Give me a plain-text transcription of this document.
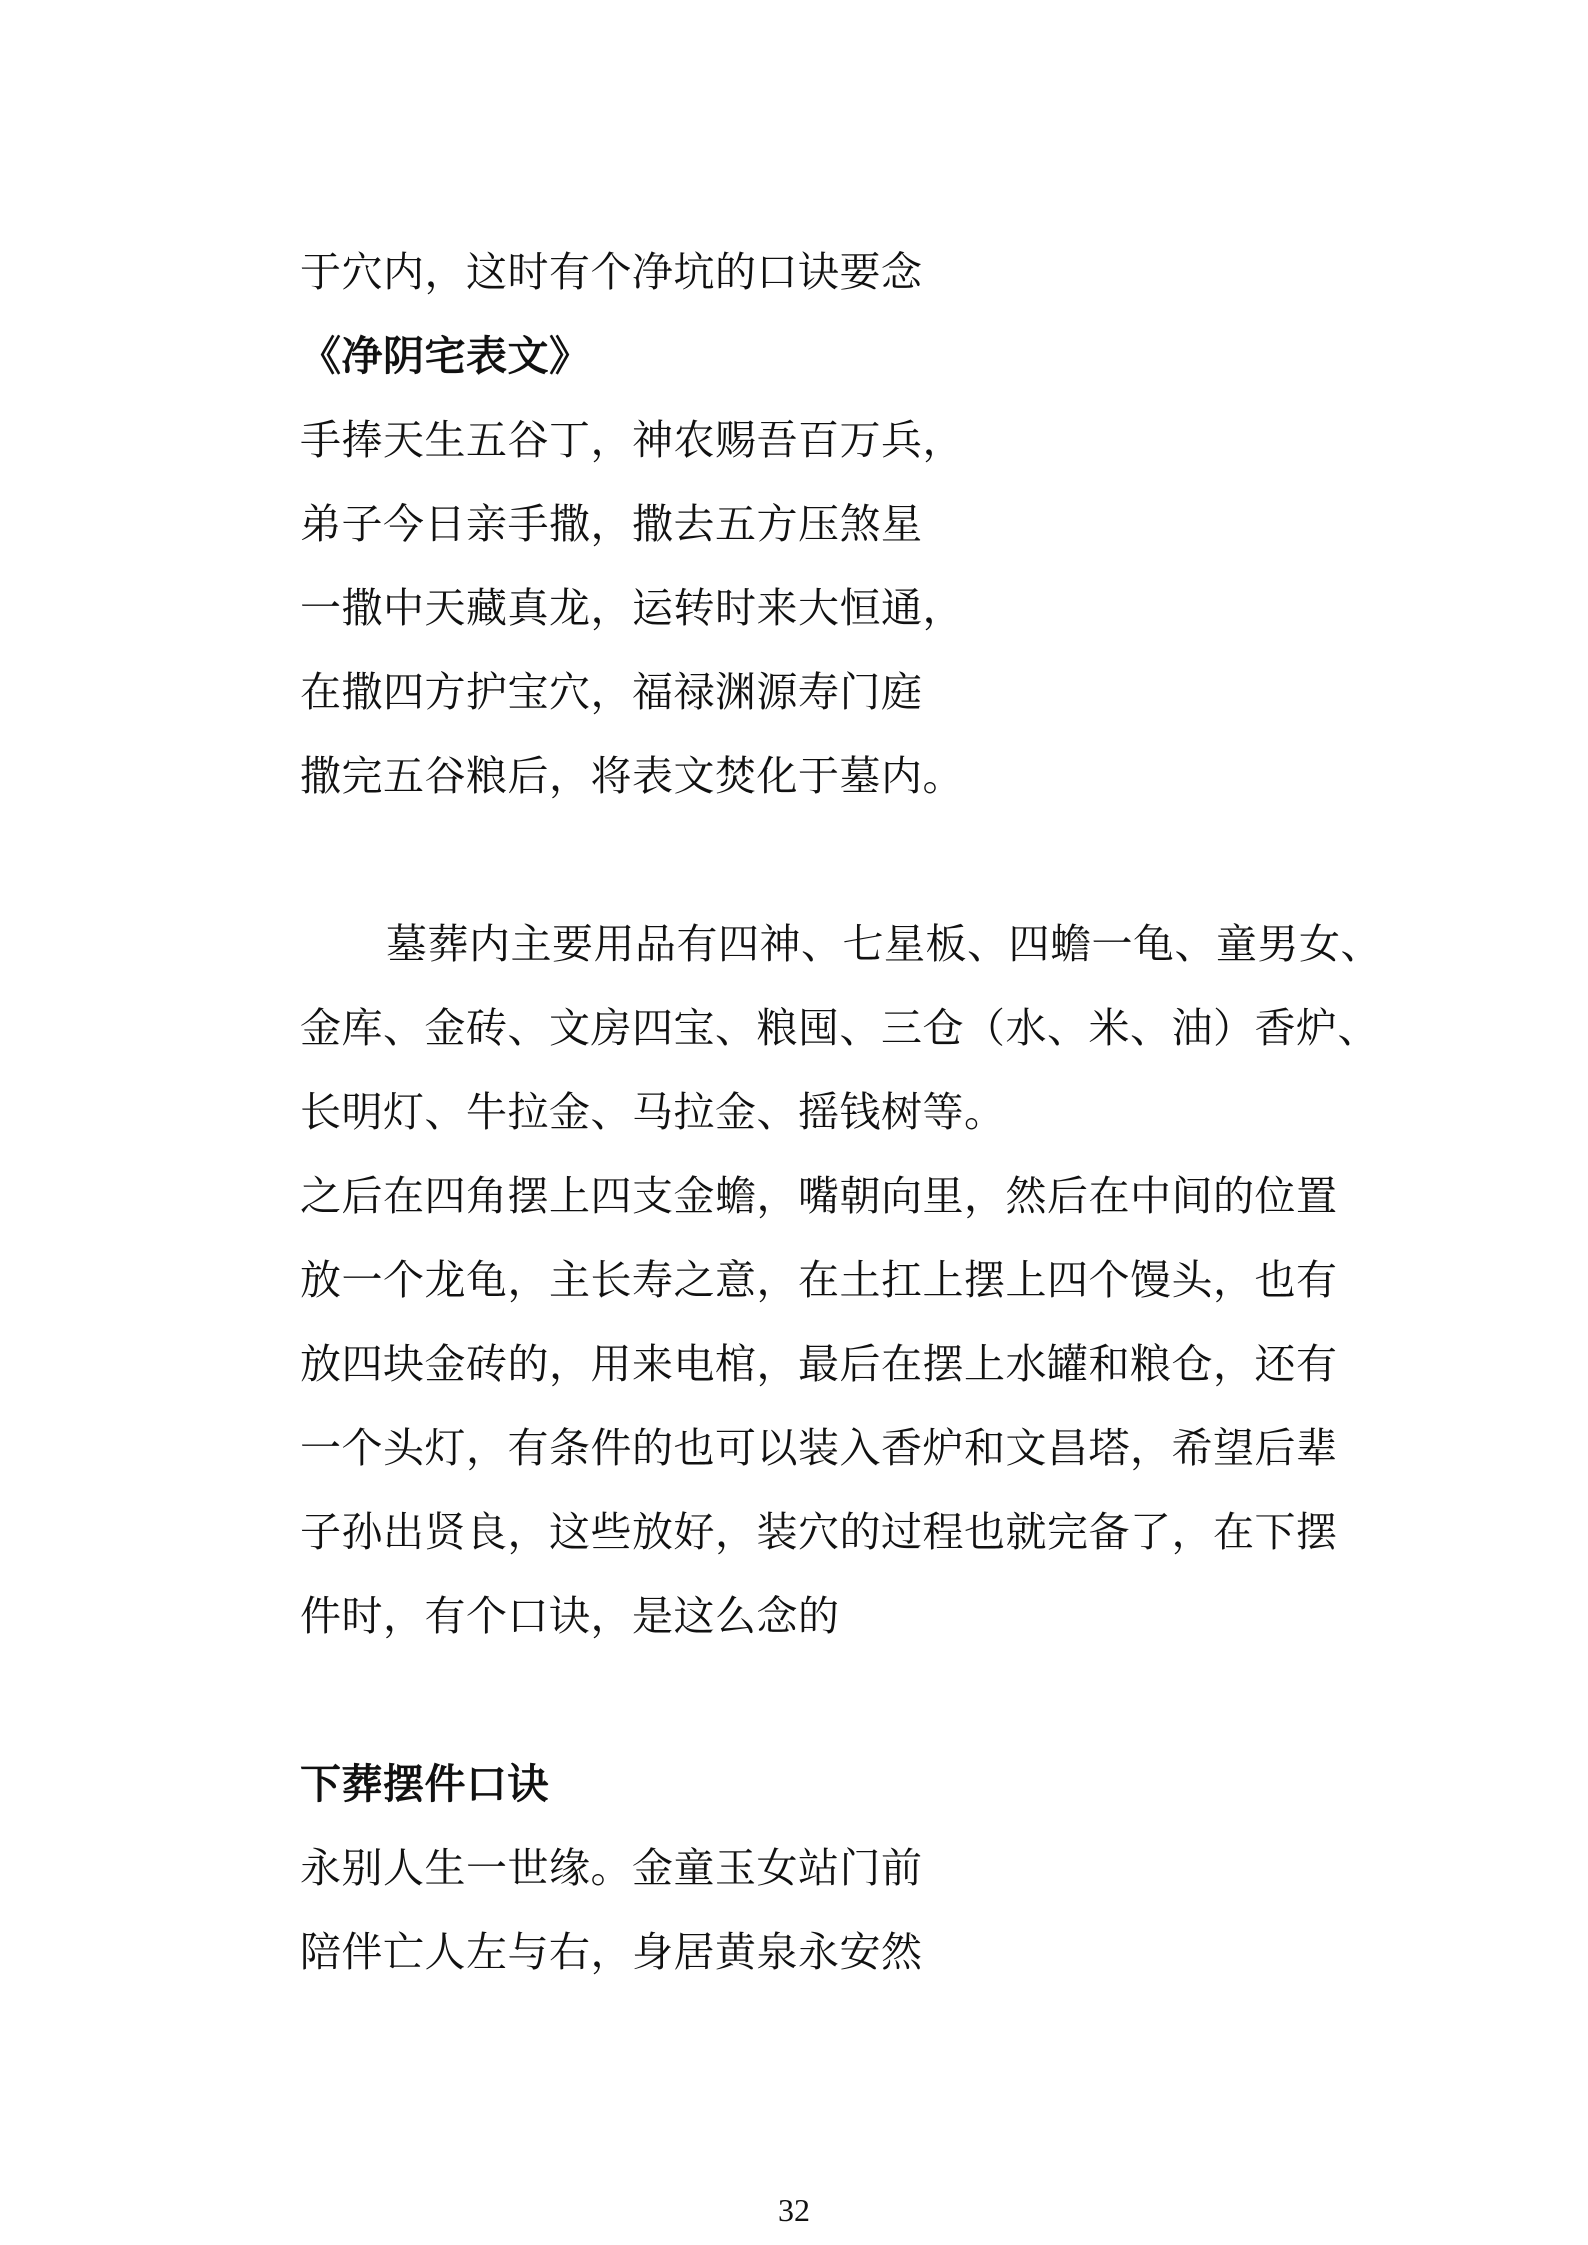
于穴内，这时有个净坑的口诀要念
《净阴宅表文》
手捧天生五谷丁，神农赐吾百万兵，
弟子今日亲手撒，撒去五方压煞星
一撒中天藏真龙，运转时来大恒通，
在撒四方护宝穴，福禄渊源寿门庭
撒完五谷粮后，将表文焚化于墓内。
墓葬内主要用品有四神、七星板、四蟾一龟、童男女、
金库、金砖、文房四宝、粮囤、三仓（水、米、油）香炉、
长明灯、牛拉金、马拉金、摇钱树等。
之后在四角摆上四支金蟾，嘴朝向里，然后在中间的位置
放一个龙龟，主长寿之意，在土扛上摆上四个馒头，也有
放四块金砖的，用来电棺，最后在摆上水罐和粮仓，还有
一个头灯，有条件的也可以装入香炉和文昌塔，希望后辈
子孙出贤良，这些放好，装穴的过程也就完备了，在下摆
件时，有个口诀，是这么念的
下葬摆件口诀
永别人生一世缘。金童玉女站门前
陪伴亡人左与右，身居黄泉永安然
32
